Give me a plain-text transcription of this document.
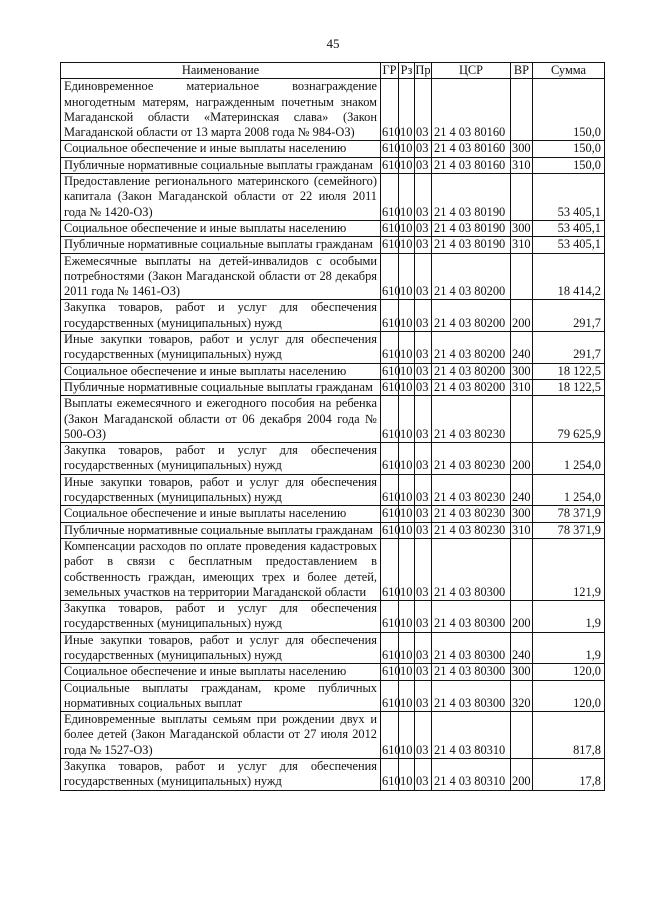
45
Наименование	ГР	Рз	Пр	ЦСР	ВР	Сумма
Единовременное материальное вознаграждение многодетным матерям, награжденным почетным знаком Магаданской области «Материнская слава» (Закон Магаданской области от 13 марта 2008 года № 984-ОЗ)	610	10	03	21 4 03 80160		150,0
Социальное обеспечение и иные выплаты населению	610	10	03	21 4 03 80160	300	150,0
Публичные нормативные социальные выплаты гражданам	610	10	03	21 4 03 80160	310	150,0
Предоставление регионального материнского (семейного) капитала (Закон Магаданской области от 22 июля 2011 года № 1420-ОЗ)	610	10	03	21 4 03 80190		53 405,1
Социальное обеспечение и иные выплаты населению	610	10	03	21 4 03 80190	300	53 405,1
Публичные нормативные социальные выплаты гражданам	610	10	03	21 4 03 80190	310	53 405,1
Ежемесячные выплаты на детей-инвалидов с особыми потребностями (Закон Магаданской области от 28 декабря 2011 года № 1461-ОЗ)	610	10	03	21 4 03 80200		18 414,2
Закупка товаров, работ и услуг для обеспечения государственных (муниципальных) нужд	610	10	03	21 4 03 80200	200	291,7
Иные закупки товаров, работ и услуг для обеспечения государственных (муниципальных) нужд	610	10	03	21 4 03 80200	240	291,7
Социальное обеспечение и иные выплаты населению	610	10	03	21 4 03 80200	300	18 122,5
Публичные нормативные социальные выплаты гражданам	610	10	03	21 4 03 80200	310	18 122,5
Выплаты ежемесячного и ежегодного пособия на ребенка (Закон Магаданской области от 06 декабря 2004 года № 500-ОЗ)	610	10	03	21 4 03 80230		79 625,9
Закупка товаров, работ и услуг для обеспечения государственных (муниципальных) нужд	610	10	03	21 4 03 80230	200	1 254,0
Иные закупки товаров, работ и услуг для обеспечения государственных (муниципальных) нужд	610	10	03	21 4 03 80230	240	1 254,0
Социальное обеспечение и иные выплаты населению	610	10	03	21 4 03 80230	300	78 371,9
Публичные нормативные социальные выплаты гражданам	610	10	03	21 4 03 80230	310	78 371,9
Компенсации расходов по оплате проведения кадастровых работ в связи с бесплатным предоставлением в собственность граждан, имеющих трех и более детей, земельных участков на территории Магаданской области	610	10	03	21 4 03 80300		121,9
Закупка товаров, работ и услуг для обеспечения государственных (муниципальных) нужд	610	10	03	21 4 03 80300	200	1,9
Иные закупки товаров, работ и услуг для обеспечения государственных (муниципальных) нужд	610	10	03	21 4 03 80300	240	1,9
Социальное обеспечение и иные выплаты населению	610	10	03	21 4 03 80300	300	120,0
Социальные выплаты гражданам, кроме публичных нормативных социальных выплат	610	10	03	21 4 03 80300	320	120,0
Единовременные выплаты семьям при рождении двух и более детей (Закон Магаданской области от 27 июля 2012 года № 1527-ОЗ)	610	10	03	21 4 03 80310		817,8
Закупка товаров, работ и услуг для обеспечения государственных (муниципальных) нужд	610	10	03	21 4 03 80310	200	17,8
